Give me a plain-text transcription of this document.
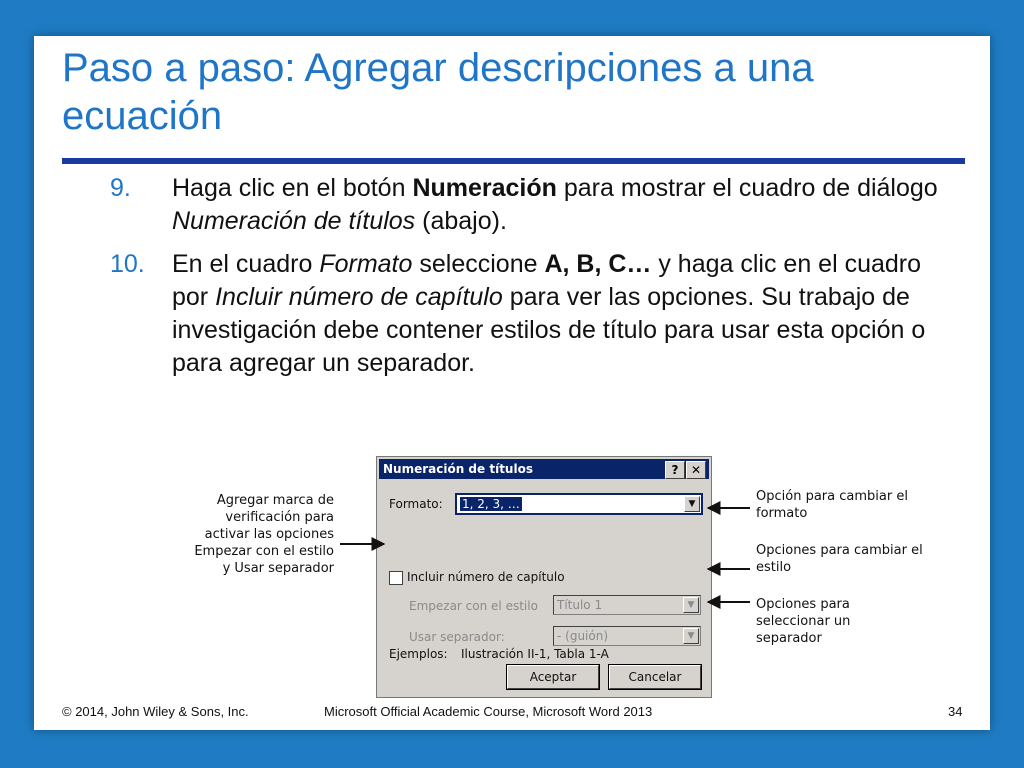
Paso a paso: Agregar descripciones a una ecuación
9.	Haga clic en el botón Numeración para mostrar el cuadro de diálogo Numeración de títulos (abajo).
10.	En el cuadro Formato seleccione A, B, C… y haga clic en el cuadro por Incluir número de capítulo para ver las opciones. Su trabajo de investigación debe contener estilos de título para usar esta opción o para agregar un separador.
Numeración de títulos	?	✕
Formato: 1, 2, 3, …	▼
Incluir número de capítulo
Empezar con el estilo Título 1	▼
Usar separador:	- (guión)	▼
Ejemplos: Ilustración II-1, Tabla 1-A
Aceptar	Cancelar
Agregar marca de verificación para activar las opciones Empezar con el estilo y Usar separador
Opción para cambiar el formato
Opciones para cambiar el estilo
Opciones para seleccionar un separador
© 2014, John Wiley & Sons, Inc.	Microsoft Official Academic Course, Microsoft Word 2013	34
